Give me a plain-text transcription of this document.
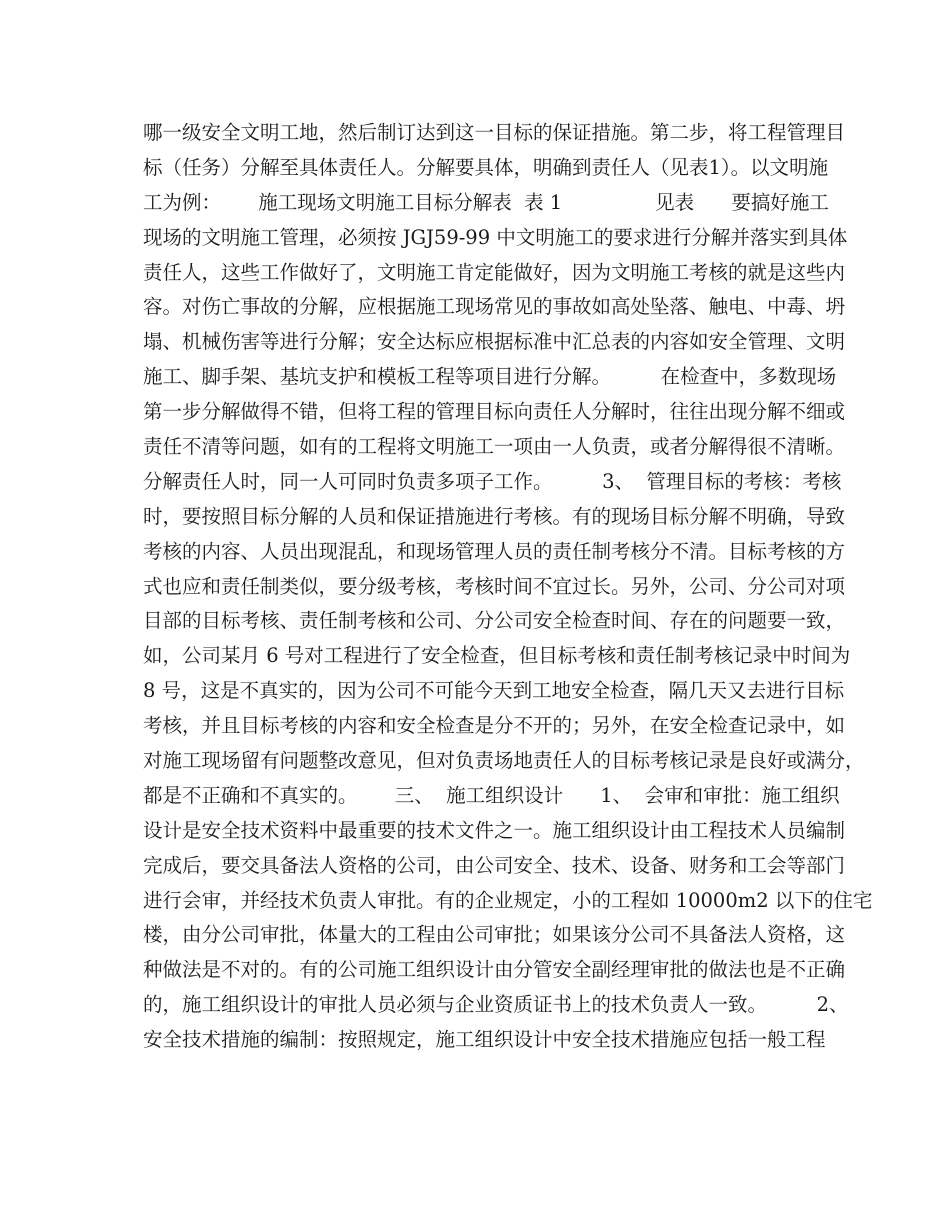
哪一级安全文明工地，然后制订达到这一目标的保证措施。第二步，将工程管理目
标（任务）分解至具体责任人。分解要具体，明确到责任人（见表1）。以文明施
工为例：      施工现场文明施工目标分解表  表 1               见表      要搞好施工
现场的文明施工管理，必须按 JGJ59-99 中文明施工的要求进行分解并落实到具体
责任人，这些工作做好了，文明施工肯定能做好，因为文明施工考核的就是这些内
容。对伤亡事故的分解，应根据施工现场常见的事故如高处坠落、触电、中毒、坍
塌、机械伤害等进行分解；安全达标应根据标准中汇总表的内容如安全管理、文明
施工、脚手架、基坑支护和模板工程等项目进行分解。        在检查中，多数现场
第一步分解做得不错，但将工程的管理目标向责任人分解时，往往出现分解不细或
责任不清等问题，如有的工程将文明施工一项由一人负责，或者分解得很不清晰。
分解责任人时，同一人可同时负责多项子工作。        3、  管理目标的考核：考核
时，要按照目标分解的人员和保证措施进行考核。有的现场目标分解不明确，导致
考核的内容、人员出现混乱，和现场管理人员的责任制考核分不清。目标考核的方
式也应和责任制类似，要分级考核，考核时间不宜过长。另外，公司、分公司对项
目部的目标考核、责任制考核和公司、分公司安全检查时间、存在的问题要一致，
如，公司某月 6 号对工程进行了安全检查，但目标考核和责任制考核记录中时间为
8 号，这是不真实的，因为公司不可能今天到工地安全检查，隔几天又去进行目标
考核，并且目标考核的内容和安全检查是分不开的；另外，在安全检查记录中，如
对施工现场留有问题整改意见，但对负责场地责任人的目标考核记录是良好或满分，
都是不正确和不真实的。      三、  施工组织设计      1、  会审和审批：施工组织
设计是安全技术资料中最重要的技术文件之一。施工组织设计由工程技术人员编制
完成后，要交具备法人资格的公司，由公司安全、技术、设备、财务和工会等部门
进行会审，并经技术负责人审批。有的企业规定，小的工程如 10000m2 以下的住宅
楼，由分公司审批，体量大的工程由公司审批；如果该分公司不具备法人资格，这
种做法是不对的。有的公司施工组织设计由分管安全副经理审批的做法也是不正确
的，施工组织设计的审批人员必须与企业资质证书上的技术负责人一致。        2、
安全技术措施的编制：按照规定，施工组织设计中安全技术措施应包括一般工程
